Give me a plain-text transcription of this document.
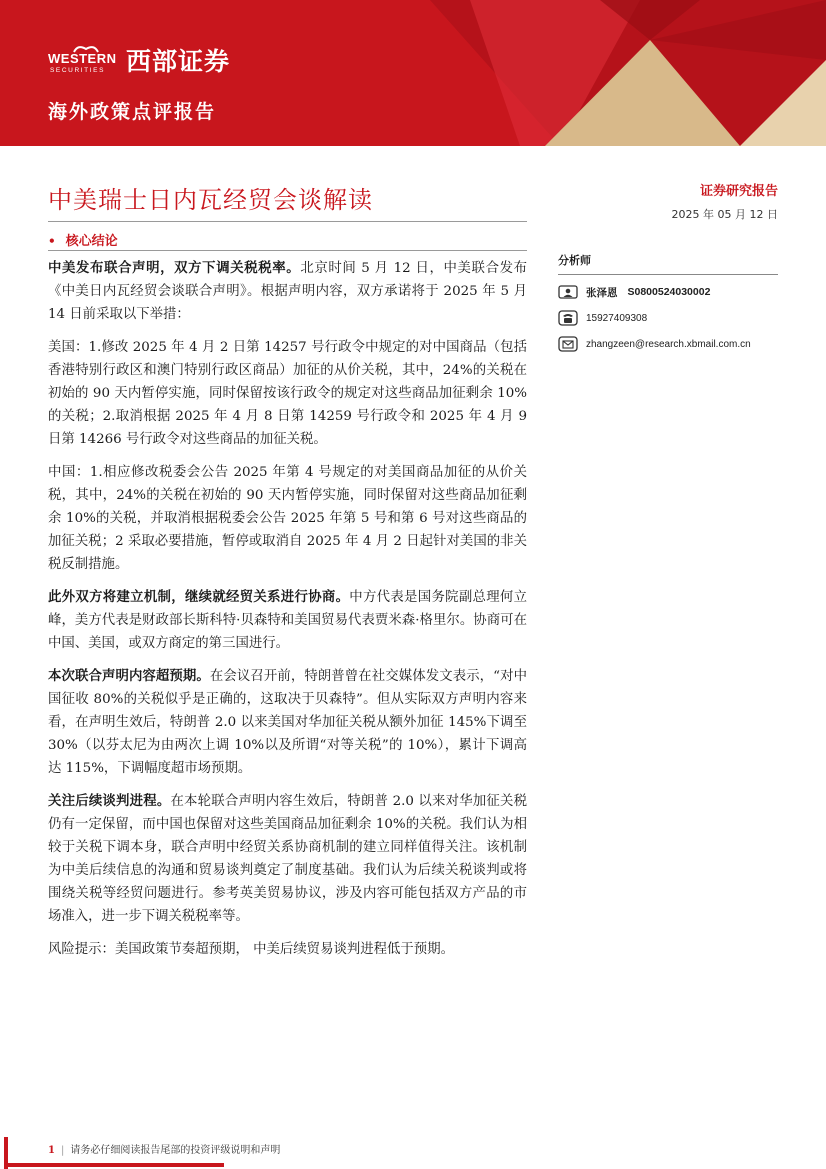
WESTERN
SECURITIES 西部证券
海外政策点评报告
中美瑞士日内瓦经贸会谈解读	证券研究报告
2025 年 05 月 12 日
• 核心结论

中美发布联合声明，双方下调关税税率。北京时间 5 月 12 日，中美联合发布《中美日内瓦经贸会谈联合声明》。根据声明内容，双方承诺将于 2025 年 5 月 14 日前采取以下举措：

美国：1.修改 2025 年 4 月 2 日第 14257 号行政令中规定的对中国商品（包括香港特别行政区和澳门特别行政区商品）加征的从价关税，其中，24%的关税在初始的 90 天内暂停实施，同时保留按该行政令的规定对这些商品加征剩余 10%的关税；2.取消根据 2025 年 4 月 8 日第 14259 号行政令和 2025 年 4 月 9 日第 14266 号行政令对这些商品的加征关税。

中国：1.相应修改税委会公告 2025 年第 4 号规定的对美国商品加征的从价关税，其中，24%的关税在初始的 90 天内暂停实施，同时保留对这些商品加征剩余 10%的关税，并取消根据税委会公告 2025 年第 5 号和第 6 号对这些商品的加征关税；2 采取必要措施，暂停或取消自 2025 年 4 月 2 日起针对美国的非关税反制措施。

此外双方将建立机制，继续就经贸关系进行协商。中方代表是国务院副总理何立峰，美方代表是财政部长斯科特·贝森特和美国贸易代表贾米森·格里尔。协商可在中国、美国，或双方商定的第三国进行。

本次联合声明内容超预期。在会议召开前，特朗普曾在社交媒体发文表示，“对中国征收 80%的关税似乎是正确的，这取决于贝森特”。但从实际双方声明内容来看，在声明生效后，特朗普 2.0 以来美国对华加征关税从额外加征 145%下调至 30%（以芬太尼为由两次上调 10%以及所谓“对等关税”的 10%），累计下调高达 115%，下调幅度超市场预期。

关注后续谈判进程。在本轮联合声明内容生效后，特朗普 2.0 以来对华加征关税仍有一定保留，而中国也保留对这些美国商品加征剩余 10%的关税。我们认为相较于关税下调本身，联合声明中经贸关系协商机制的建立同样值得关注。该机制为中美后续信息的沟通和贸易谈判奠定了制度基础。我们认为后续关税谈判或将围绕关税等经贸问题进行。参考英美贸易协议，涉及内容可能包括双方产品的市场准入，进一步下调关税税率等。

风险提示：美国政策节奏超预期， 中美后续贸易谈判进程低于预期。

分析师
张泽恩 S0800524030002
15927409308
zhangzeen@research.xbmail.com.cn
1 | 请务必仔细阅读报告尾部的投资评级说明和声明
